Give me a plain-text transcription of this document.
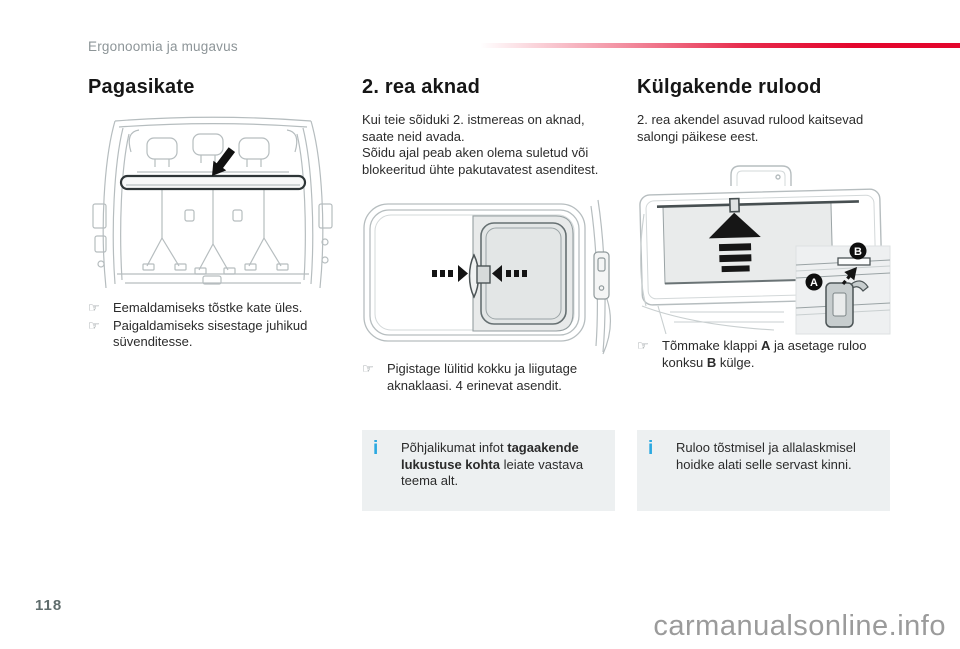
Ergonoomia ja mugavus
Pagasikate
☞	Eemaldamiseks tõstke kate üles.
☞	Paigaldamiseks sisestage juhikud süvenditesse.
2. rea aknad

Kui teie sõiduki 2. istmereas on aknad, saate neid avada.

Sõidu ajal peab aken olema suletud või blokeeritud ühte pakutavatest asenditest.

☞	Pigistage lülitid kokku ja liigutage aknaklaasi. 4 erinevat asendit.
i	Põhjalikumat infot tagaakende lukustuse kohta leiate vastava teema alt.
Külgakende rulood

2. rea akendel asuvad rulood kaitsevad salongi päikese eest.

B
A
☞	Tõmmake klappi A ja asetage ruloo konksu B külge.
i	Ruloo tõstmisel ja allalaskmisel hoidke alati selle servast kinni.
118
carmanualsonline.info
